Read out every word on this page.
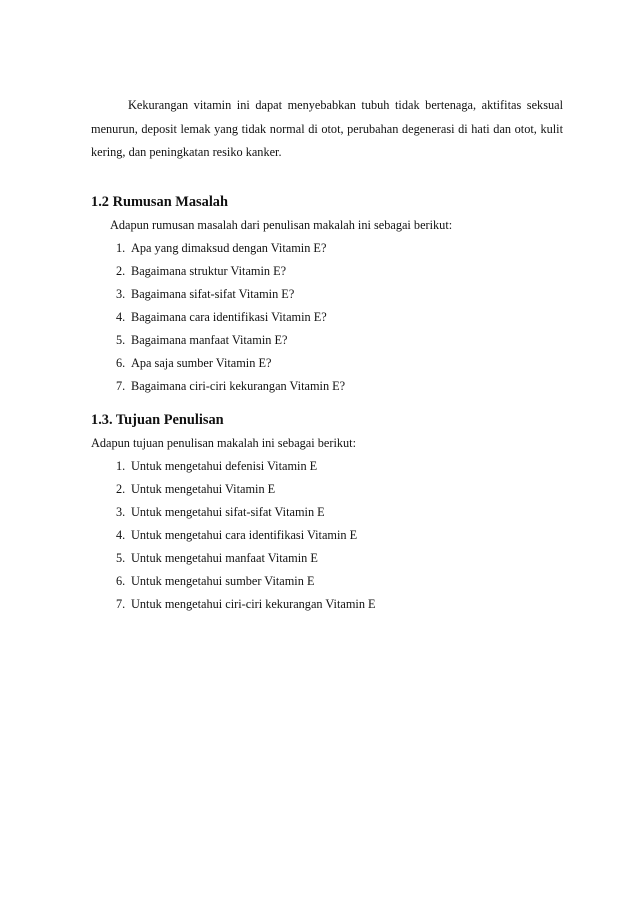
Kekurangan vitamin ini dapat menyebabkan tubuh tidak bertenaga, aktifitas seksual menurun, deposit lemak yang tidak normal di otot, perubahan degenerasi di hati dan otot, kulit kering, dan peningkatan resiko kanker.

1.2 Rumusan Masalah

Adapun rumusan masalah dari penulisan makalah ini sebagai berikut:

1. Apa yang dimaksud dengan Vitamin E?
2. Bagaimana struktur Vitamin E?
3. Bagaimana sifat-sifat Vitamin E?
4. Bagaimana cara identifikasi Vitamin E?
5. Bagaimana manfaat Vitamin E?
6. Apa saja sumber Vitamin E?
7. Bagaimana ciri-ciri kekurangan Vitamin E?
1.3. Tujuan Penulisan

Adapun tujuan penulisan makalah ini sebagai berikut:

1. Untuk mengetahui defenisi Vitamin E
2. Untuk mengetahui Vitamin E
3. Untuk mengetahui sifat-sifat Vitamin E
4. Untuk mengetahui cara identifikasi Vitamin E
5. Untuk mengetahui manfaat Vitamin E
6. Untuk mengetahui sumber Vitamin E
7. Untuk mengetahui ciri-ciri kekurangan Vitamin E
